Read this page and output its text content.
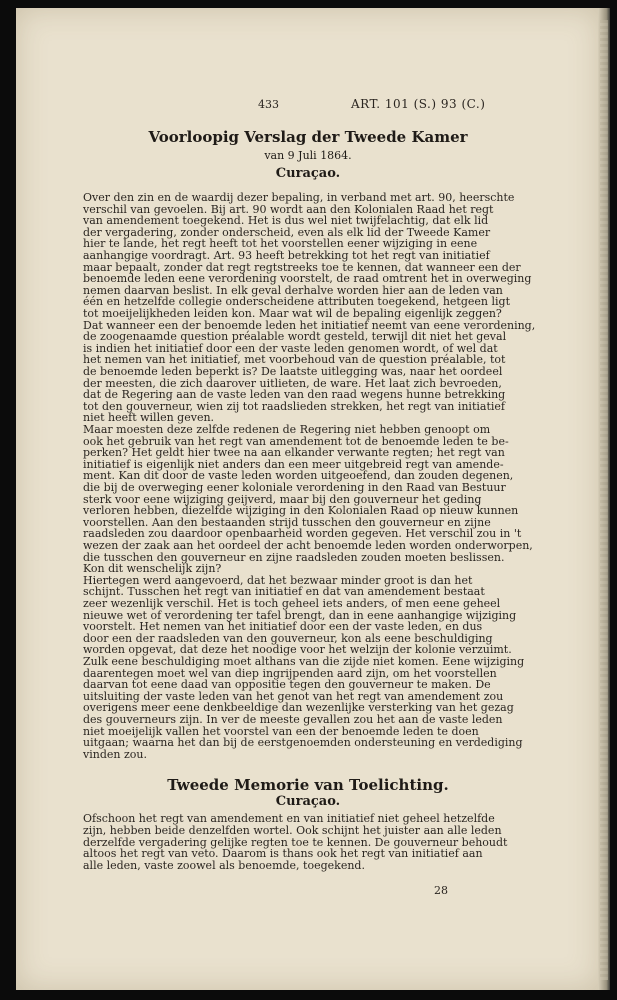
433	ART. 101 (S.) 93 (C.)
Voorloopig Verslag der Tweede Kamer
van 9 Juli 1864.
Curaçao.
Over den zin en de waardij dezer bepaling, in verband met art. 90, heerschte
verschil van gevoelen. Bij art. 90 wordt aan den Kolonialen Raad het regt
van amendement toegekend. Het is dus wel niet twijfelachtig, dat elk lid
der vergadering, zonder onderscheid, even als elk lid der Tweede Kamer
hier te lande, het regt heeft tot het voorstellen eener wijziging in eene
aanhangige voordragt. Art. 93 heeft betrekking tot het regt van initiatief
maar bepaalt, zonder dat regt regtstreeks toe te kennen, dat wanneer een der
benoemde leden eene verordening voorstelt, de raad omtrent het in overweging
nemen daarvan beslist. In elk geval derhalve worden hier aan de leden van
één en hetzelfde collegie onderscheidene attributen toegekend, hetgeen ligt
tot moeijelijkheden leiden kon. Maar wat wil de bepaling eigenlijk zeggen?
Dat wanneer een der benoemde leden het initiatief neemt van eene verordening,
de zoogenaamde question préalable wordt gesteld, terwijl dit niet het geval
is indien het initiatief door een der vaste leden genomen wordt, of wel dat
het nemen van het initiatief, met voorbehoud van de question préalable, tot
de benoemde leden beperkt is? De laatste uitlegging was, naar het oordeel
der meesten, die zich daarover uitlieten, de ware. Het laat zich bevroeden,
dat de Regering aan de vaste leden van den raad wegens hunne betrekking
tot den gouverneur, wien zij tot raadslieden strekken, het regt van initiatief
niet heeft willen geven.
Maar moesten deze zelfde redenen de Regering niet hebben genoopt om
ook het gebruik van het regt van amendement tot de benoemde leden te be-
perken? Het geldt hier twee na aan elkander verwante regten; het regt van
initiatief is eigenlijk niet anders dan een meer uitgebreid regt van amende-
ment. Kan dit door de vaste leden worden uitgeoefend, dan zouden degenen,
die bij de overweging eener koloniale verordening in den Raad van Bestuur
sterk voor eene wijziging geijverd, maar bij den gouverneur het geding
verloren hebben, diezelfde wijziging in den Kolonialen Raad op nieuw kunnen
voorstellen. Aan den bestaanden strijd tusschen den gouverneur en zijne
raadsleden zou daardoor openbaarheid worden gegeven. Het verschil zou in 't
wezen der zaak aan het oordeel der acht benoemde leden worden onderworpen,
die tusschen den gouverneur en zijne raadsleden zouden moeten beslissen.
Kon dit wenschelijk zijn?
Hiertegen werd aangevoerd, dat het bezwaar minder groot is dan het
schijnt. Tusschen het regt van initiatief en dat van amendement bestaat
zeer wezenlijk verschil. Het is toch geheel iets anders, of men eene geheel
nieuwe wet of verordening ter tafel brengt, dan in eene aanhangige wijziging
voorstelt. Het nemen van het initiatief door een der vaste leden, en dus
door een der raadsleden van den gouverneur, kon als eene beschuldiging
worden opgevat, dat deze het noodige voor het welzijn der kolonie verzuimt.
Zulk eene beschuldiging moet althans van die zijde niet komen. Eene wijziging
daarentegen moet wel van diep ingrijpenden aard zijn, om het voorstellen
daarvan tot eene daad van oppositie tegen den gouverneur te maken. De
uitsluiting der vaste leden van het genot van het regt van amendement zou
overigens meer eene denkbeeldige dan wezenlijke versterking van het gezag
des gouverneurs zijn. In ver de meeste gevallen zou het aan de vaste leden
niet moeijelijk vallen het voorstel van een der benoemde leden te doen
uitgaan; waarna het dan bij de eerstgenoemden ondersteuning en verdediging
vinden zou.
Tweede Memorie van Toelichting.
Curaçao.
Ofschoon het regt van amendement en van initiatief niet geheel hetzelfde
zijn, hebben beide denzelfden wortel. Ook schijnt het juister aan alle leden
derzelfde vergadering gelijke regten toe te kennen. De gouverneur behoudt
altoos het regt van veto. Daarom is thans ook het regt van initiatief aan
alle leden, vaste zoowel als benoemde, toegekend.
28
